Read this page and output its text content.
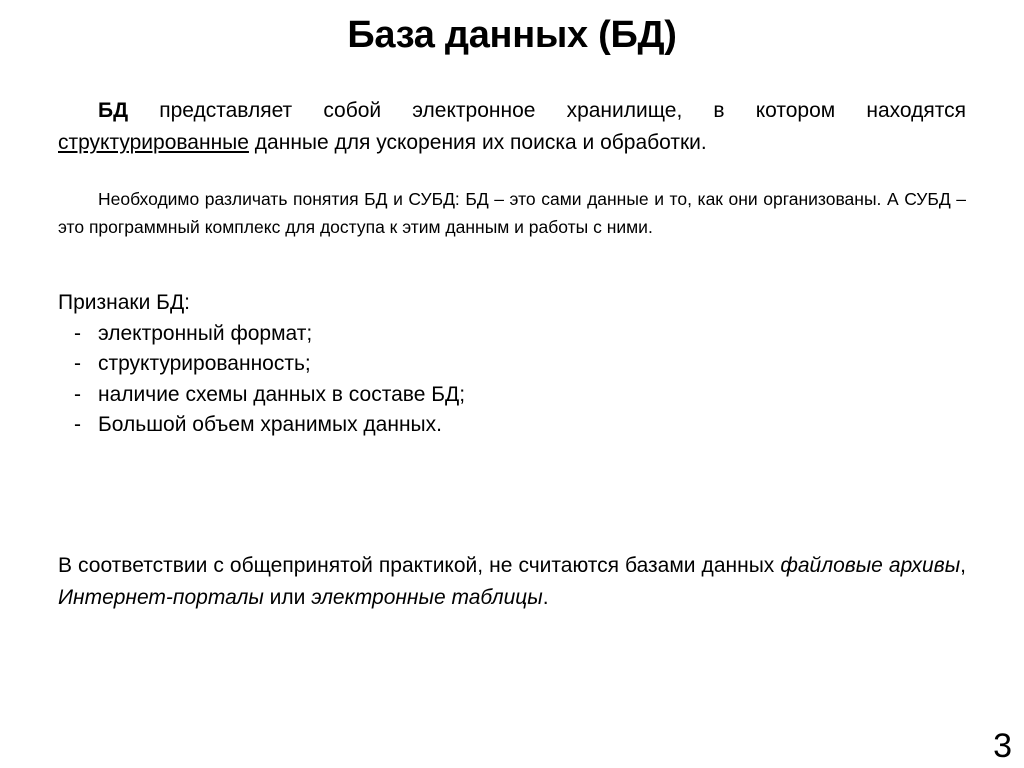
База данных (БД)

БД представляет собой электронное хранилище, в котором находятся структурированные данные для ускорения их поиска и обработки.

Необходимо различать понятия БД и СУБД: БД – это сами данные и то, как они организованы. А СУБД – это программный комплекс для доступа к этим данным и работы с ними.

Признаки БД:
- электронный формат;
- структурированность;
- наличие схемы данных в составе БД;
- Большой объем хранимых данных.

В соответствии с общепринятой практикой, не считаются базами данных файловые архивы, Интернет-порталы или электронные таблицы.

3
